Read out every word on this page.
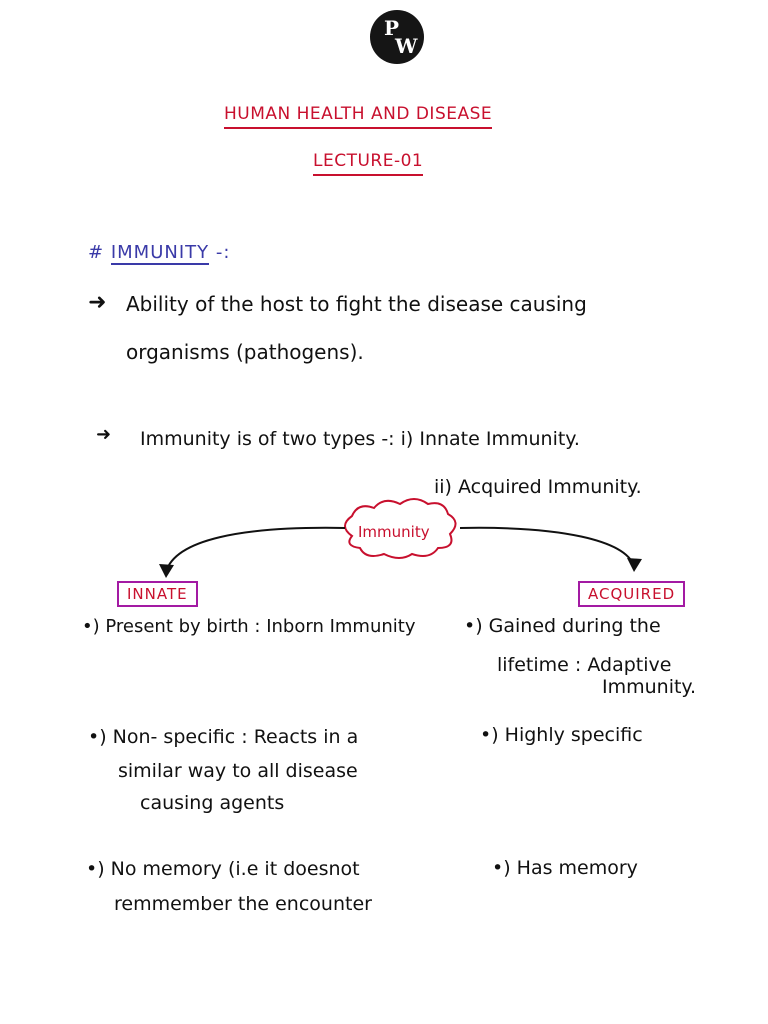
P
W
HUMAN HEALTH AND DISEASE
LECTURE-01
# IMMUNITY -:
➜ Ability of the host to fight the disease causing
organisms (pathogens).
➜ Immunity is of two types -: i) Innate Immunity.
ii) Acquired Immunity.
Immunity
INNATE	ACQUIRED
•) Present by birth : Inborn Immunity
•) Non- specific : Reacts in a
similar way to all disease
causing agents
•) No memory (i.e it doesnot
remmember the encounter
•) Gained during the
lifetime : Adaptive
Immunity.
•) Highly specific
•) Has memory
